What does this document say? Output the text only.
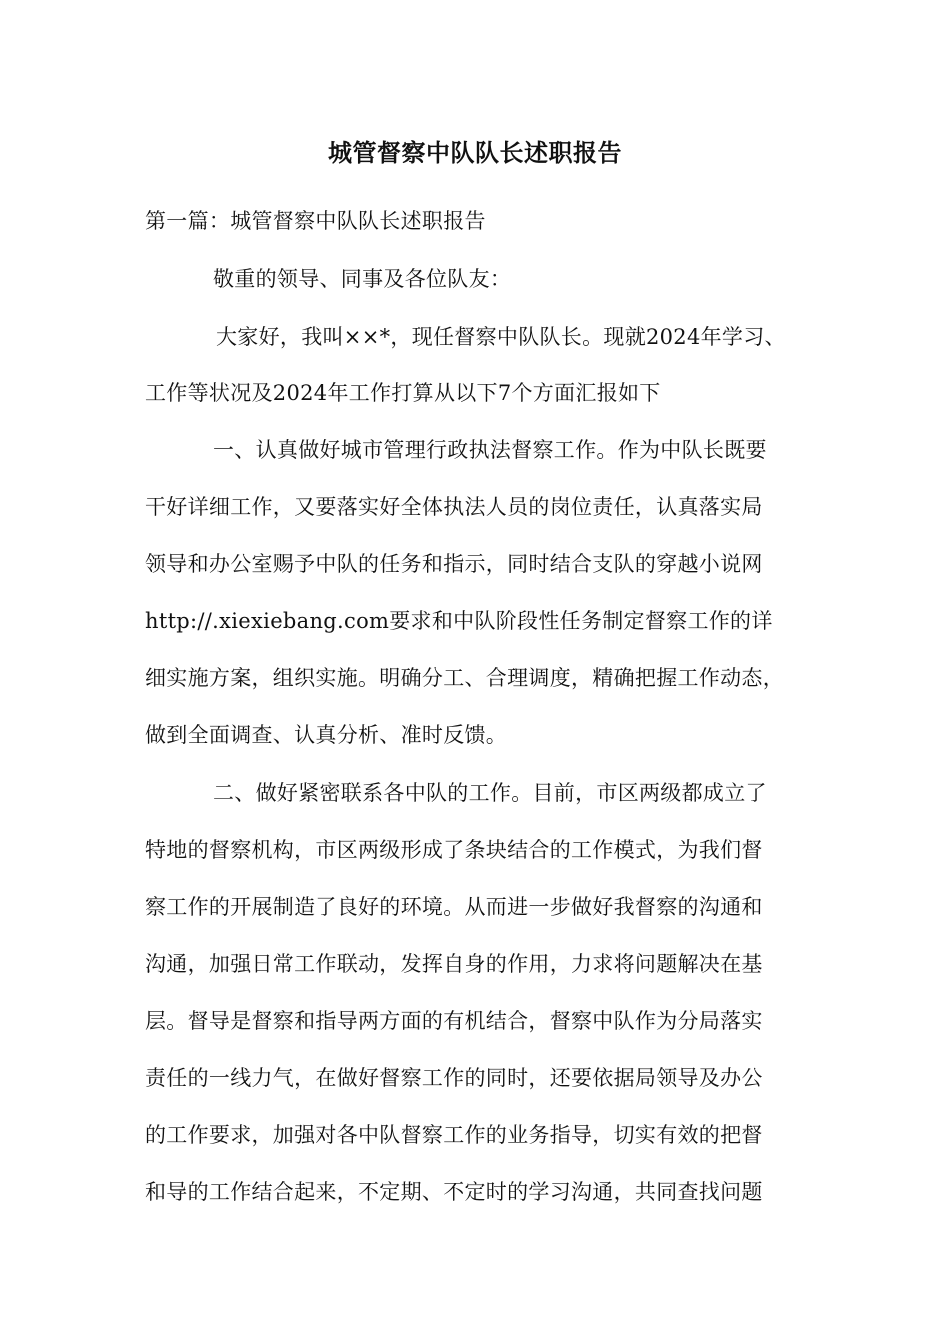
城管督察中队队长述职报告
第一篇：城管督察中队队长述职报告
敬重的领导、同事及各位队友：
大家好，我叫××*，现任督察中队队长。现就2024年学习、
工作等状况及2024年工作打算从以下7个方面汇报如下
一、认真做好城市管理行政执法督察工作。作为中队长既要
干好详细工作，又要落实好全体执法人员的岗位责任，认真落实局
领导和办公室赐予中队的任务和指示，同时结合支队的穿越小说网
http://.xiexiebang.com要求和中队阶段性任务制定督察工作的详
细实施方案，组织实施。明确分工、合理调度，精确把握工作动态，
做到全面调查、认真分析、准时反馈。
二、做好紧密联系各中队的工作。目前，市区两级都成立了
特地的督察机构，市区两级形成了条块结合的工作模式，为我们督
察工作的开展制造了良好的环境。从而进一步做好我督察的沟通和
沟通，加强日常工作联动，发挥自身的作用，力求将问题解决在基
层。督导是督察和指导两方面的有机结合，督察中队作为分局落实
责任的一线力气，在做好督察工作的同时，还要依据局领导及办公
的工作要求，加强对各中队督察工作的业务指导，切实有效的把督
和导的工作结合起来，不定期、不定时的学习沟通，共同查找问题
